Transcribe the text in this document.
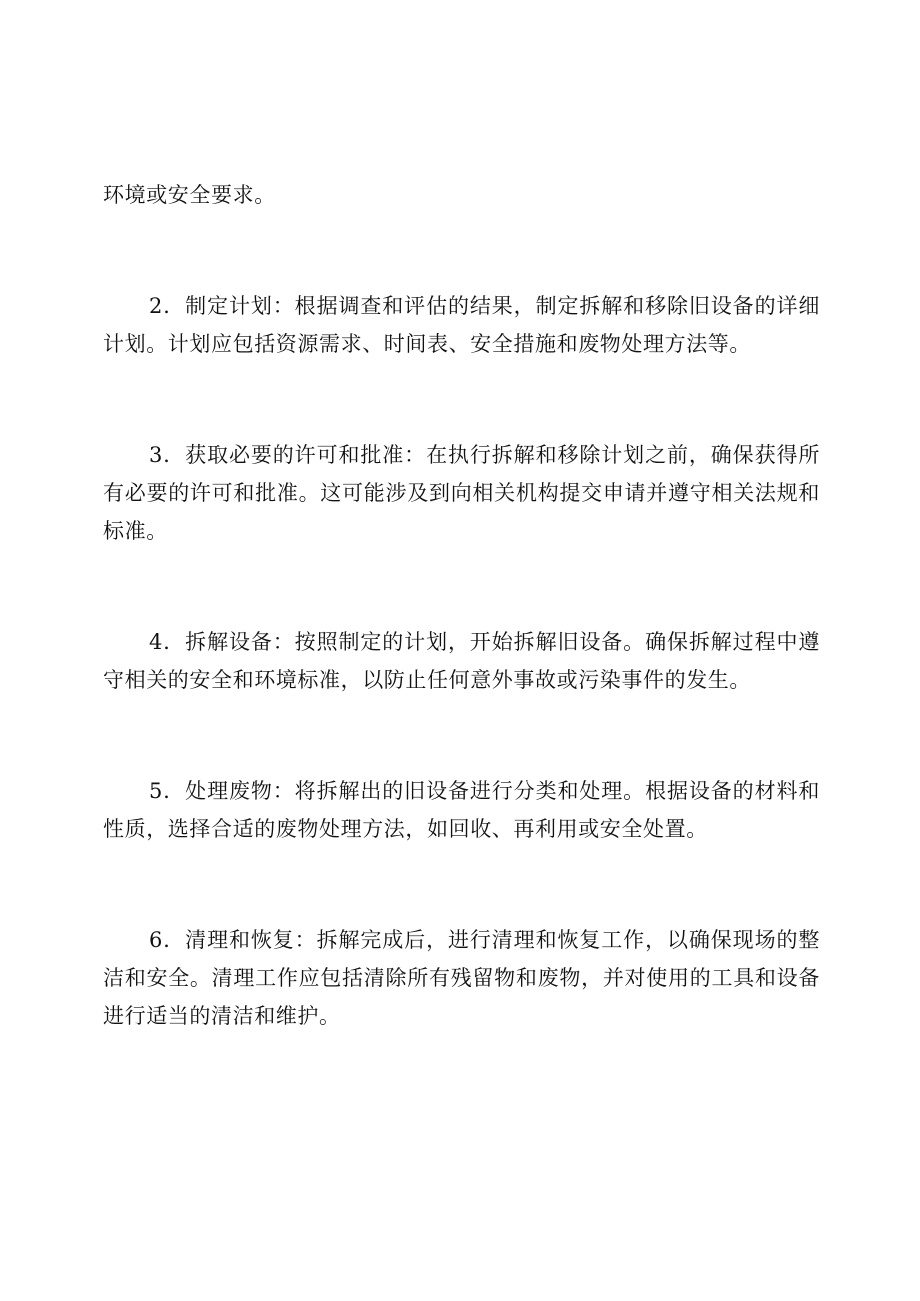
环境或安全要求。

2．制定计划：根据调查和评估的结果，制定拆解和移除旧设备的详细计划。计划应包括资源需求、时间表、安全措施和废物处理方法等。

3．获取必要的许可和批准：在执行拆解和移除计划之前，确保获得所有必要的许可和批准。这可能涉及到向相关机构提交申请并遵守相关法规和标准。

4．拆解设备：按照制定的计划，开始拆解旧设备。确保拆解过程中遵守相关的安全和环境标准，以防止任何意外事故或污染事件的发生。

5．处理废物：将拆解出的旧设备进行分类和处理。根据设备的材料和性质，选择合适的废物处理方法，如回收、再利用或安全处置。

6．清理和恢复：拆解完成后，进行清理和恢复工作，以确保现场的整洁和安全。清理工作应包括清除所有残留物和废物，并对使用的工具和设备进行适当的清洁和维护。
